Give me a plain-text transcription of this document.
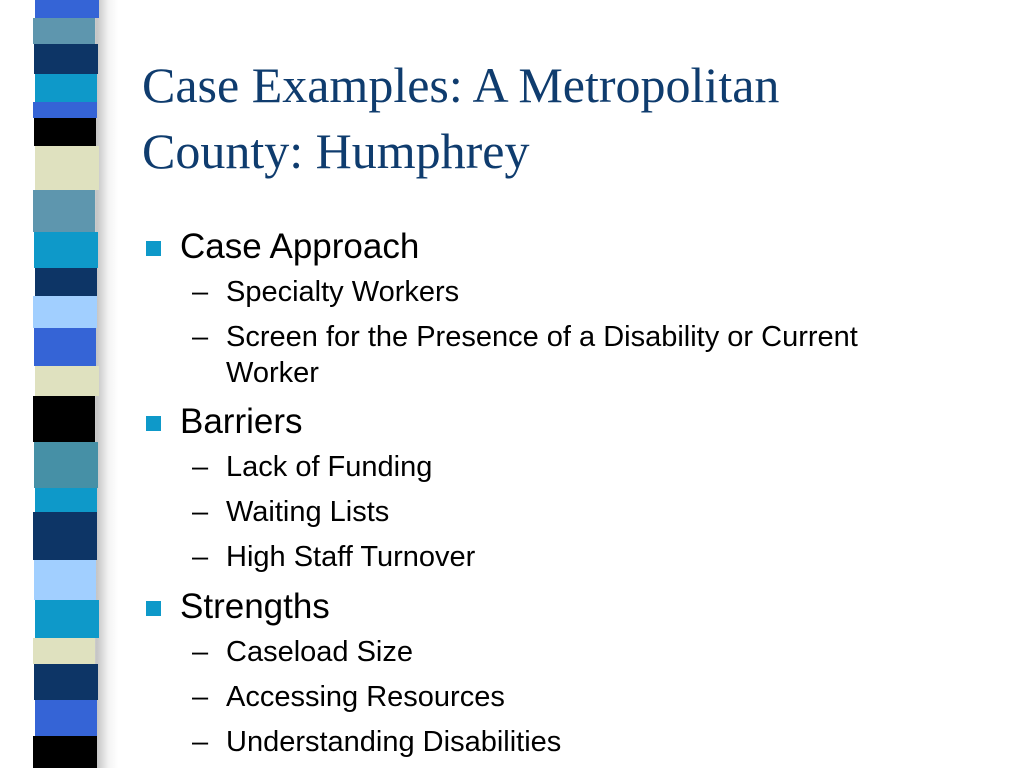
Case Examples: A Metropolitan
County: Humphrey
Case Approach
– Specialty Workers
– Screen for the Presence of a Disability or Current
Worker
Barriers
– Lack of Funding
– Waiting Lists
– High Staff Turnover
Strengths
– Caseload Size
– Accessing Resources
– Understanding Disabilities
